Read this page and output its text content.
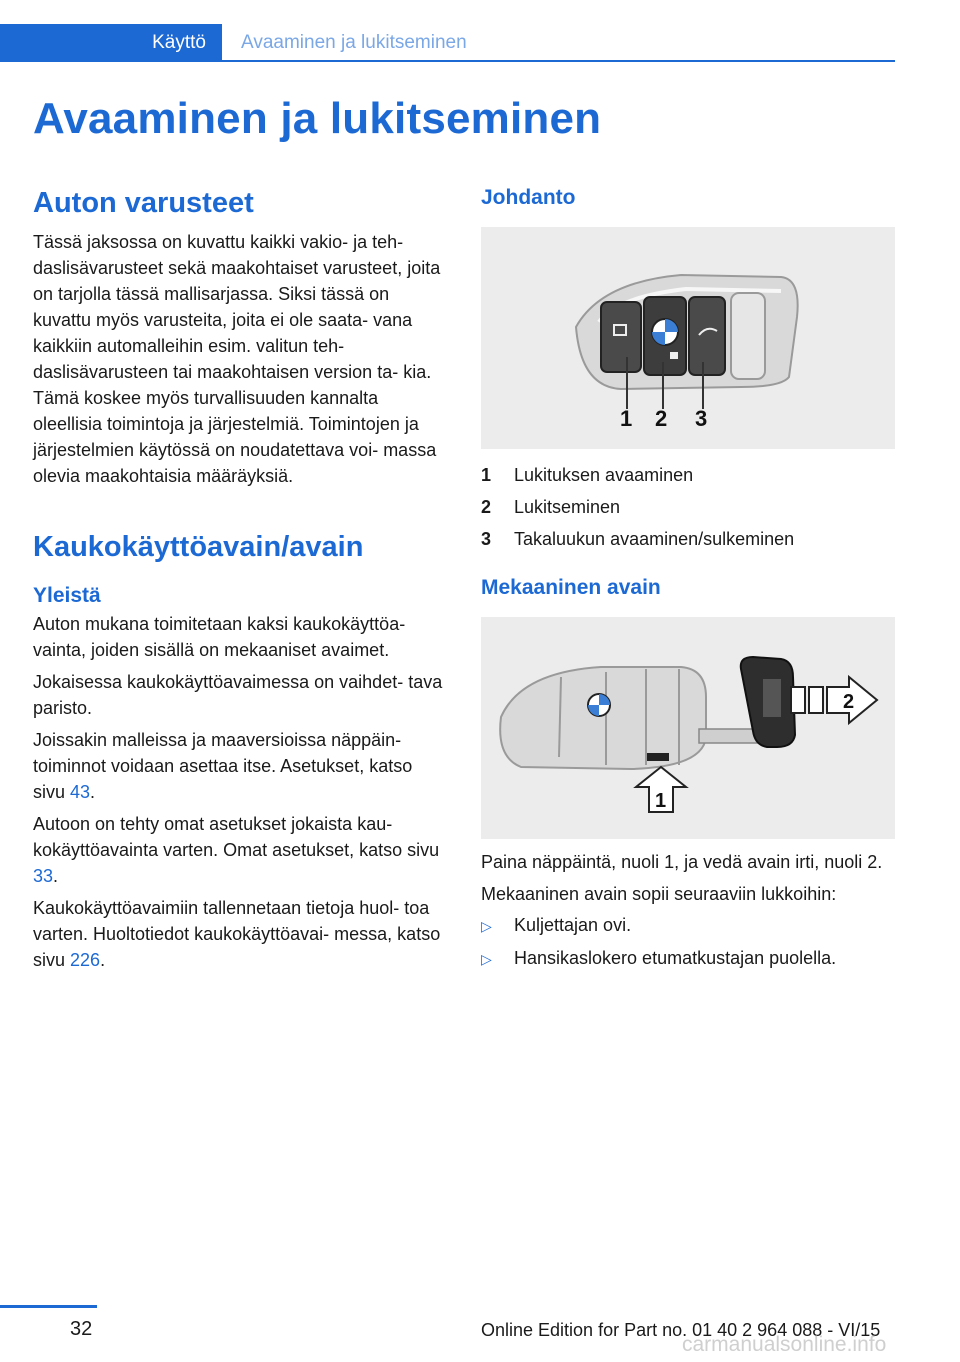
Käyttö Avaaminen ja lukitseminen
Avaaminen ja lukitseminen
Auton varusteet

Tässä jaksossa on kuvattu kaikki vakio- ja teh- daslisävarusteet sekä maakohtaiset varusteet, joita on tarjolla tässä mallisarjassa. Siksi tässä on kuvattu myös varusteita, joita ei ole saata- vana kaikkiin automalleihin esim. valitun teh- daslisävarusteen tai maakohtaisen version ta- kia. Tämä koskee myös turvallisuuden kannalta oleellisia toimintoja ja järjestelmiä. Toimintojen ja järjestelmien käytössä on noudatettava voi- massa olevia maakohtaisia määräyksiä.

Kaukokäyttöavain/avain
Yleistä

Auton mukana toimitetaan kaksi kaukokäyttöa- vainta, joiden sisällä on mekaaniset avaimet.

Jokaisessa kaukokäyttöavaimessa on vaihdet- tava paristo.

Joissakin malleissa ja maaversioissa näppäin- toiminnot voidaan asettaa itse. Asetukset, katso sivu 43.

Autoon on tehty omat asetukset jokaista kau- kokäyttöavainta varten. Omat asetukset, katso sivu 33.

Kaukokäyttöavaimiin tallennetaan tietoja huol- toa varten. Huoltotiedot kaukokäyttöavai- messa, katso sivu 226.

Johdanto
1 2 3
1	Lukituksen avaaminen
2	Lukitseminen
3	Takaluukun avaaminen/sulkeminen
Mekaaninen avain
1
2

Paina näppäintä, nuoli 1, ja vedä avain irti, nuoli 2.

Mekaaninen avain sopii seuraaviin lukkoihin:

▷	Kuljettajan ovi.
▷	Hansikaslokero etumatkustajan puolella.
32	Online Edition for Part no. 01 40 2 964 088 - VI/15
carmanualsonline.info
